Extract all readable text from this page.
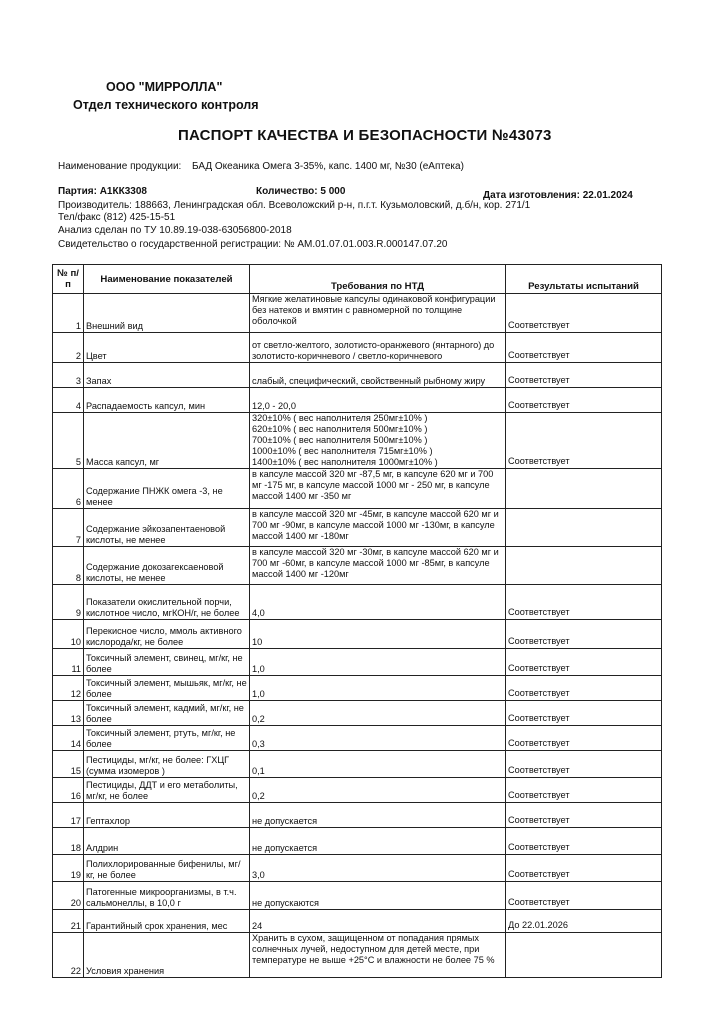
ООО "МИРРОЛЛА"
Отдел технического контроля
ПАСПОРТ КАЧЕСТВА И БЕЗОПАСНОСТИ №43073
Наименование продукции: БАД Океаника Омега 3-35%, капс. 1400 мг, №30 (еАптека)
Партия: А1КК3308	Количество: 5 000	Дата изготовления: 22.01.2024
Производитель: 188663, Ленинградская обл. Всеволожский р-н, п.г.т. Кузьмоловский, д.б/н, кор. 271/1
Тел/факс (812) 425-15-51
Анализ сделан по ТУ 10.89.19-038-63056800-2018
Свидетельство о государственной регистрации: № АМ.01.07.01.003.R.000147.07.20
№ п/п	Наименование показателей	Требования по НТД	Результаты испытаний
1	Внешний вид	Мягкие желатиновые капсулы одинаковой конфигурации без натеков и вмятин с равномерной по толщине оболочкой	Соответствует
2	Цвет	от светло-желтого, золотисто-оранжевого (янтарного) до золотисто-коричневого / светло-коричневого	Соответствует
3	Запах	слабый, специфический, свойственный рыбному жиру	Соответствует
4	Распадаемость капсул, мин	12,0 - 20,0	Соответствует
5	Масса капсул, мг	320±10% ( вес наполнителя 250мг±10% )
620±10% ( вес наполнителя 500мг±10% )
700±10% ( вес наполнителя 500мг±10% )
1000±10% ( вес наполнителя 715мг±10% )
1400±10% ( вес наполнителя 1000мг±10% )	Соответствует
6	Содержание ПНЖК омега -3, не менее	в капсуле массой 320 мг -87,5 мг, в капсуле 620 мг и 700 мг -175 мг, в капсуле массой 1000 мг - 250 мг, в капсуле массой 1400 мг -350 мг	
7	Содержание эйкозапентаеновой кислоты, не менее	в капсуле массой 320 мг -45мг, в капсуле массой 620 мг и 700 мг -90мг, в капсуле массой 1000 мг -130мг, в капсуле массой 1400 мг -180мг	
8	Содержание докозагексаеновой кислоты, не менее	в капсуле массой 320 мг -30мг, в капсуле массой 620 мг и 700 мг -60мг, в капсуле массой 1000 мг -85мг, в капсуле массой 1400 мг -120мг	
9	Показатели окислительной порчи, кислотное число, мгКОН/г, не более	4,0	Соответствует
10	Перекисное число, ммоль активного кислорода/кг, не более	10	Соответствует
11	Токсичный элемент, свинец, мг/кг, не более	1,0	Соответствует
12	Токсичный элемент, мышьяк, мг/кг, не более	1,0	Соответствует
13	Токсичный элемент, кадмий, мг/кг, не более	0,2	Соответствует
14	Токсичный элемент, ртуть, мг/кг, не более	0,3	Соответствует
15	Пестициды, мг/кг, не более: ГХЦГ (сумма изомеров )	0,1	Соответствует
16	Пестициды, ДДТ и его метаболиты, мг/кг, не более	0,2	Соответствует
17	Гептахлор	не допускается	Соответствует
18	Алдрин	не допускается	Соответствует
19	Полихлорированные бифенилы, мг/кг, не более	3,0	Соответствует
20	Патогенные микроорганизмы, в т.ч. сальмонеллы, в 10,0 г	не допускаются	Соответствует
21	Гарантийный срок хранения, мес	24	До 22.01.2026
22	Условия хранения	Хранить в сухом, защищенном от попадания прямых солнечных лучей, недоступном для детей месте, при температуре не выше +25°С и влажности не более 75 %	
